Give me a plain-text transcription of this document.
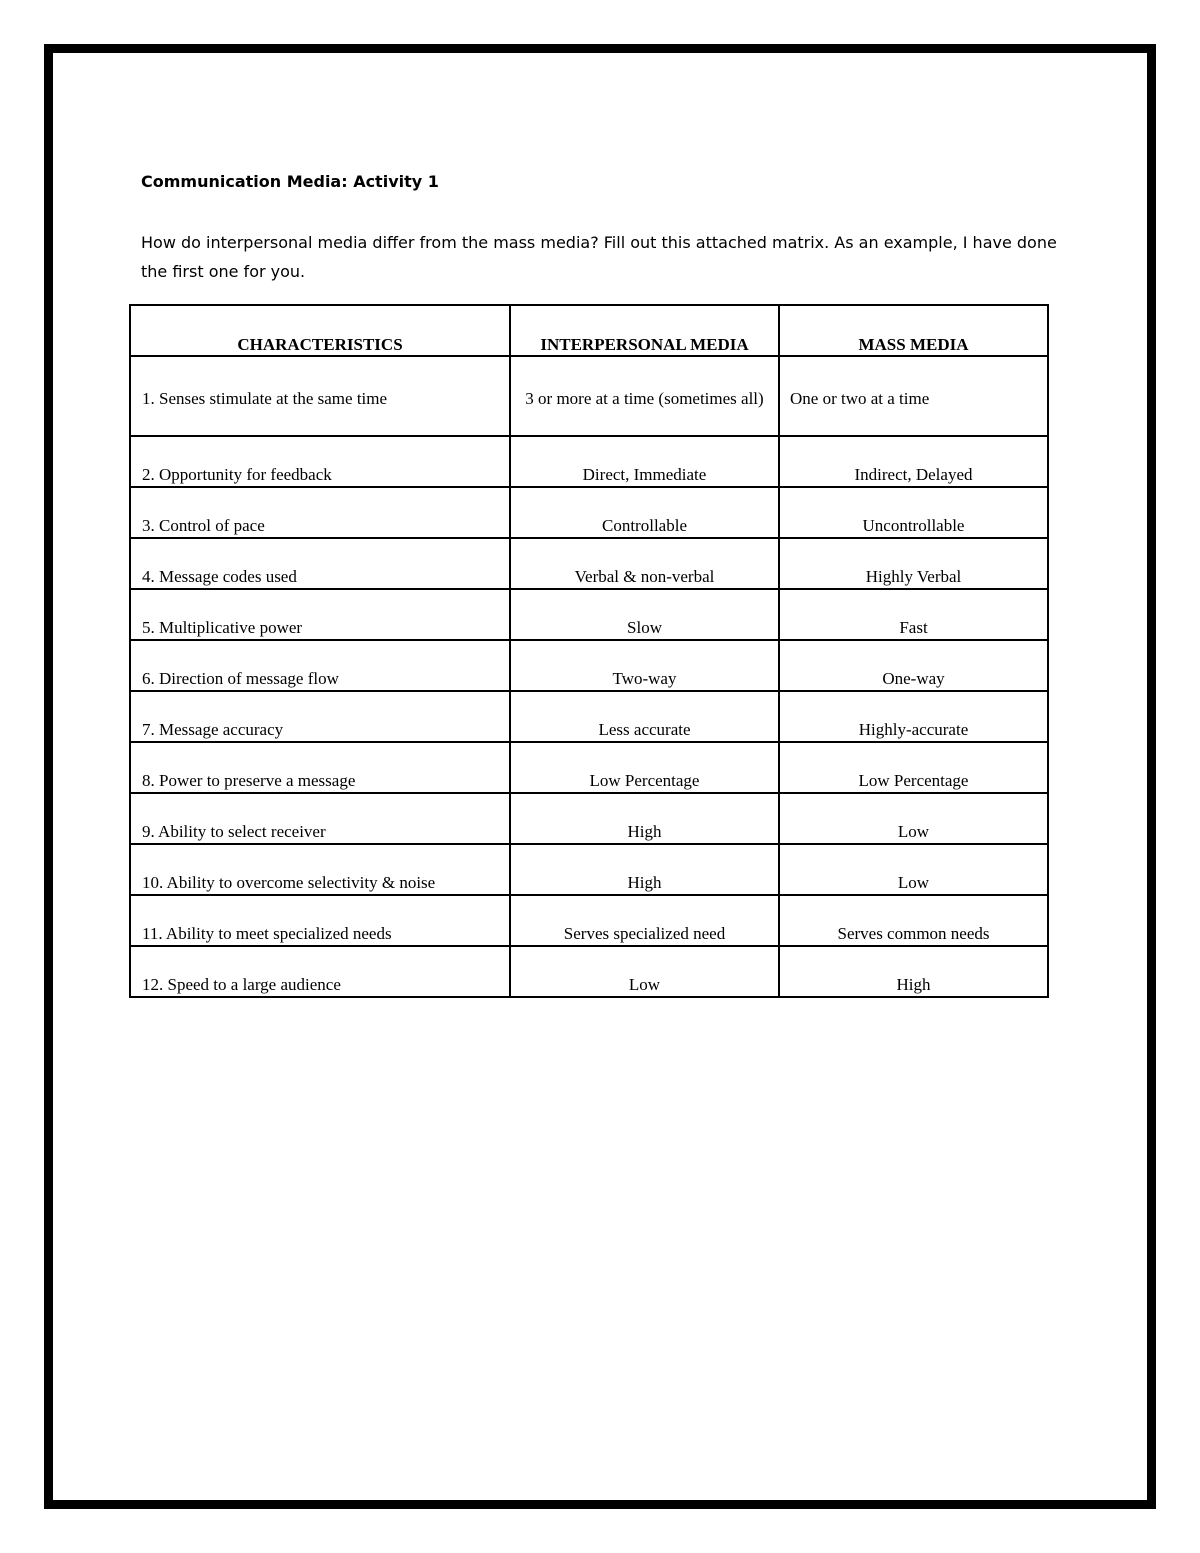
Communication Media: Activity 1

How do interpersonal media differ from the mass media? Fill out this attached matrix. As an example, I have done the first one for you.

CHARACTERISTICS	INTERPERSONAL MEDIA	MASS MEDIA
1. Senses stimulate at the same time	3 or more at a time (sometimes all)	One or two at a time
2. Opportunity for feedback	Direct, Immediate	Indirect, Delayed
3. Control of pace	Controllable	Uncontrollable
4. Message codes used	Verbal & non-verbal	Highly Verbal
5. Multiplicative power	Slow	Fast
6. Direction of message flow	Two-way	One-way
7. Message accuracy	Less accurate	Highly-accurate
8. Power to preserve a message	Low Percentage	Low Percentage
9. Ability to select receiver	High	Low
10. Ability to overcome selectivity & noise	High	Low
11. Ability to meet specialized needs	Serves specialized need	Serves common needs
12. Speed to a large audience	Low	High
